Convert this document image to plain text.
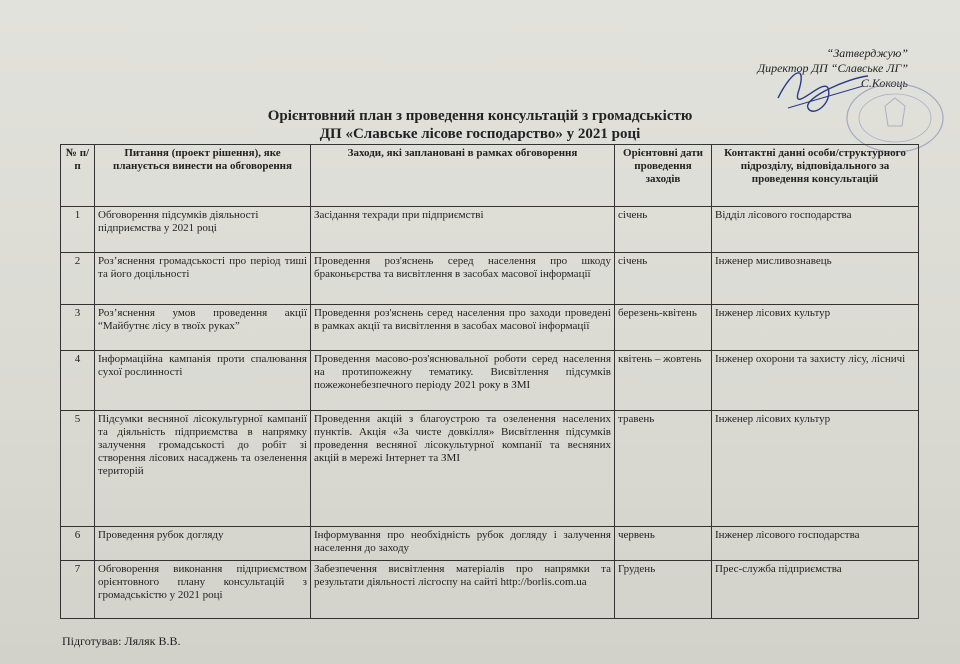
“Затверджую”
Директор ДП “Славське ЛГ”
С.Кокоць
Орієнтовний план з проведення консультацій з громадськістю
ДП «Славське лісове господарство» у 2021 році
№ п/п	Питання (проект рішення), яке планується винести на обговорення	Заходи, які заплановані в рамках обговорення	Орієнтовні дати проведення заходів	Контактні данні особи/структурного підрозділу, відповідального за проведення консультацій
1	Обговорення підсумків діяльності підприємства у 2021 році	Засідання техради при підприємстві	січень	Відділ лісового господарства
2	Роз’яснення громадськості про період тиші та його доцільності	Проведення роз'яснень серед населення про шкоду браконьєрства та висвітлення в засобах масової інформації	січень	Інженер мисливознавець
3	Роз’яснення умов проведення акції “Майбутнє лісу в твоїх руках”	Проведення роз'яснень серед населення про заходи проведені в рамках акції та висвітлення в засобах масової інформації	березень-квітень	Інженер лісових культур
4	Інформаційна кампанія проти спалювання сухої рослинності	Проведення масово-роз'яснювальної роботи серед населення на протипожежну тематику. Висвітлення підсумків пожежонебезпечного періоду 2021 року в ЗМІ	квітень – жовтень	Інженер охорони та захисту лісу, лісничі
5	Підсумки весняної лісокультурної кампанії та діяльність підприємства в напрямку залучення громадськості до робіт зі створення лісових насаджень та озеленення територій	Проведення акцій з благоустрою та озеленення населених пунктів. Акція «За чисте довкілля» Висвітлення підсумків проведення весняної лісокультурної компанії та весняних акцій в мережі Інтернет та ЗМІ	травень	Інженер лісових культур
6	Проведення рубок догляду	Інформування про необхідність рубок догляду і залучення населення до заходу	червень	Інженер лісового господарства
7	Обговорення виконання підприємством орієнтовного плану консультацій з громадськістю у 2021 році	Забезпечення висвітлення матеріалів про напрямки та результати діяльності лісгоспу на сайті http://borlis.com.ua	Грудень	Прес-служба підприємства
Підготував: Ляляк В.В.
